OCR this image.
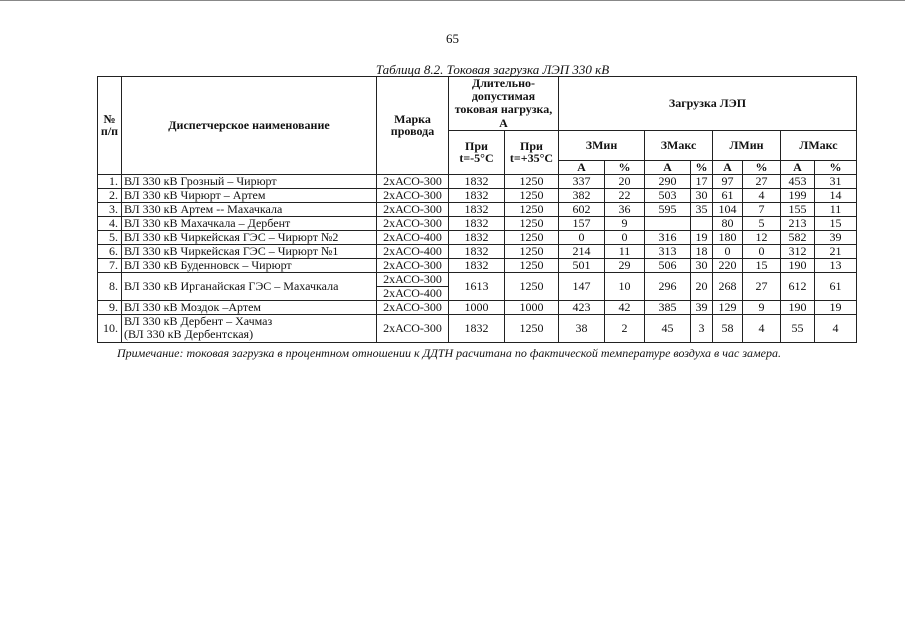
65
Таблица 8.2. Токовая загрузка ЛЭП 330 кВ
№
п/п	Диспетчерское наименование	Марка провода	Длительно-допустимая токовая нагрузка, А		Загрузка ЛЭП							
			При t=-5°С	При t=+35°С	ЗМин		ЗМакс		ЛМин		ЛМакс	
					А	%	А	%	А	%	А	%
1.	ВЛ 330 кВ Грозный – Чирюрт	2хАСО-300	1832	1250	337	20	290	17	97	27	453	31
2.	ВЛ 330 кВ Чирюрт – Артем	2хАСО-300	1832	1250	382	22	503	30	61	4	199	14
3.	ВЛ 330 кВ Артем -- Махачкала	2хАСО-300	1832	1250	602	36	595	35	104	7	155	11
4.	ВЛ 330 кВ Махачкала – Дербент	2хАСО-300	1832	1250	157	9			80	5	213	15
5.	ВЛ 330 кВ Чиркейская ГЭС – Чирюрт №2	2хАСО-400	1832	1250	0	0	316	19	180	12	582	39
6.	ВЛ 330 кВ Чиркейская ГЭС – Чирюрт №1	2хАСО-400	1832	1250	214	11	313	18	0	0	312	21
7.	ВЛ 330 кВ Буденновск – Чирюрт	2хАСО-300	1832	1250	501	29	506	30	220	15	190	13
8.	ВЛ 330 кВ Ирганайская ГЭС – Махачкала	2хАСО-300	1613	1250	147	10	296	20	268	27	612	61
		2хАСО-400										
9.	ВЛ 330 кВ Моздок –Артем	2хАСО-300	1000	1000	423	42	385	39	129	9	190	19
10.	ВЛ 330 кВ Дербент – Хачмаз
(ВЛ 330 кВ Дербентская)	2хАСО-300	1832	1250	38	2	45	3	58	4	55	4
Примечание: токовая загрузка в процентном отношении к ДДТН расчитана по фактической температуре воздуха в час замера.
